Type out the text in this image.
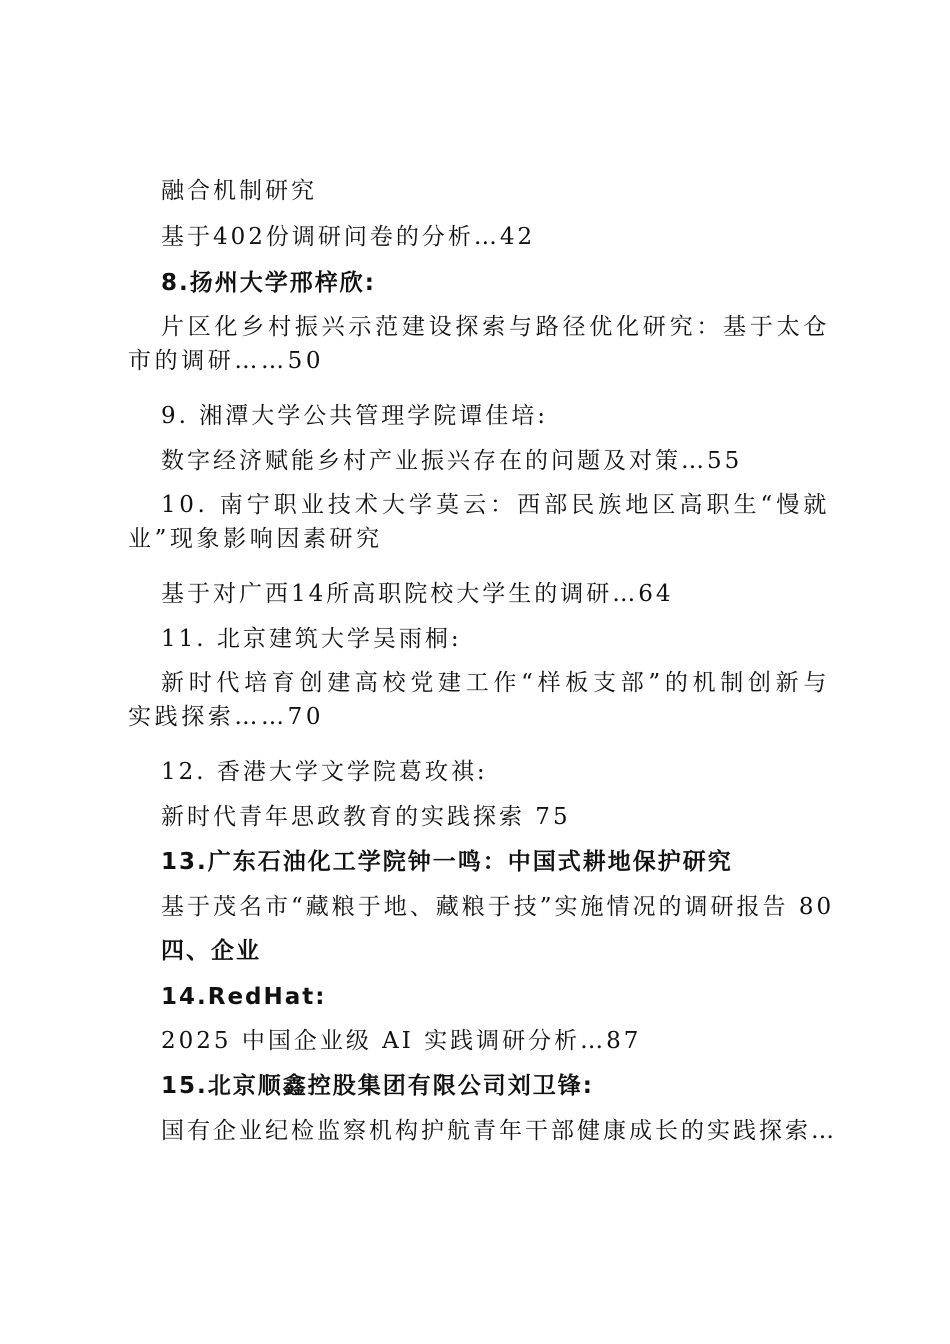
融合机制研究
基于402份调研问卷的分析…42
8.扬州大学邢梓欣:
片区化乡村振兴示范建设探索与路径优化研究：基于太仓市的调研……50
9. 湘潭大学公共管理学院谭佳培:
数字经济赋能乡村产业振兴存在的问题及对策…55
10. 南宁职业技术大学莫云：西部民族地区高职生“慢就业”现象影响因素研究
基于对广西14所高职院校大学生的调研…64
11. 北京建筑大学吴雨桐:
新时代培育创建高校党建工作“样板支部”的机制创新与实践探索……70
12. 香港大学文学院葛玫祺:
新时代青年思政教育的实践探索 75
13.广东石油化工学院钟一鸣：中国式耕地保护研究
基于茂名市“藏粮于地、藏粮于技”实施情况的调研报告 80
四、企业
14.RedHat:
2025 中国企业级 AI 实践调研分析…87
15.北京顺鑫控股集团有限公司刘卫锋:
国有企业纪检监察机构护航青年干部健康成长的实践探索…
